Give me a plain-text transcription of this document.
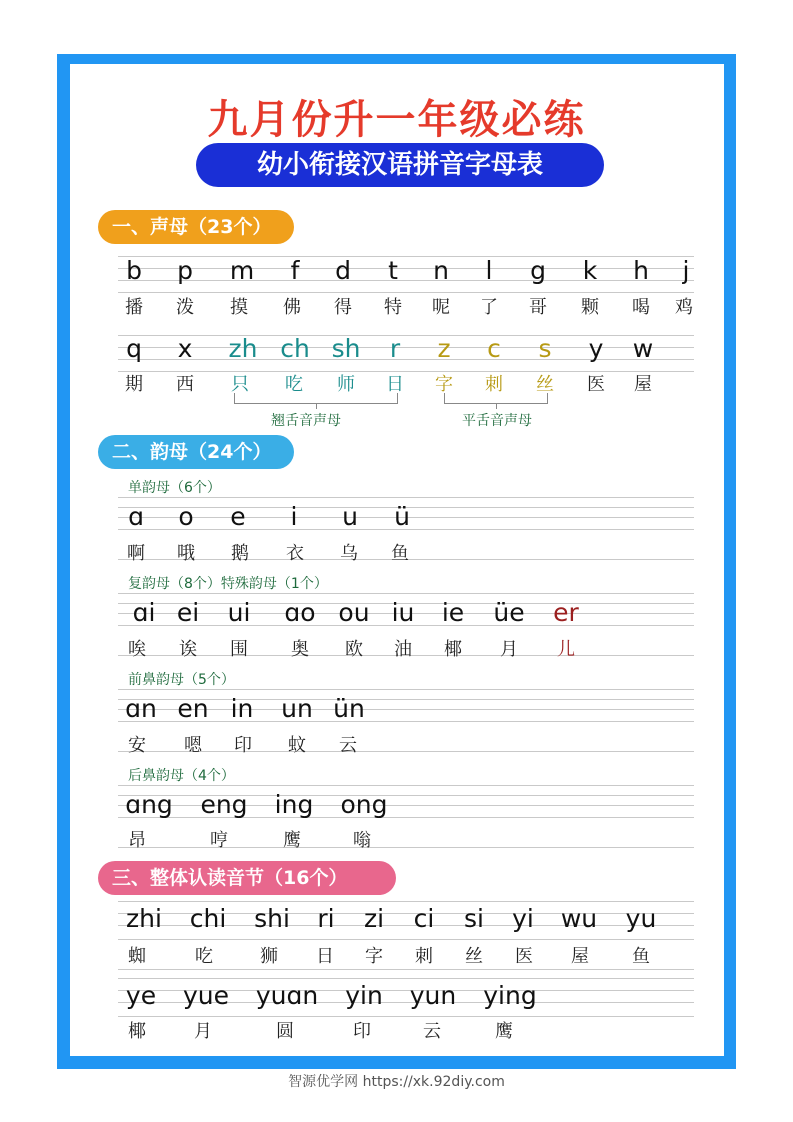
九月份升一年级必练
幼小衔接汉语拼音字母表
一、声母（23个）
二、韵母（24个）
三、整体认读音节（16个）
b p m f d t n l g k h j
播 泼 摸 佛 得 特 呢 了 哥 颗 喝 鸡
q x zh ch sh r z c s y w
期 西 只 吃 师 日 字 刺 丝 医 屋
翘舌音声母	平舌音声母
单韵母（6个）
ɑ o e i u ü
啊 哦 鹅 衣 乌 鱼
复韵母（8个）特殊韵母（1个）
ɑi ei ui ɑo ou iu ie üe er
唉 诶 围 奥 欧 油 椰 月 儿
前鼻韵母（5个）
ɑn en in un ün
安 嗯 印 蚊 云
后鼻韵母（4个）
ɑng eng ing ong
昂	哼	鹰	嗡
zhi chi shi ri zi ci si yi wu yu
蜘	吃	狮 日 字 刺 丝 医 屋 鱼
ye yue yuɑn yin yun ying
椰	月	圆	印	云	鹰
智源优学网 https://xk.92diy.com
